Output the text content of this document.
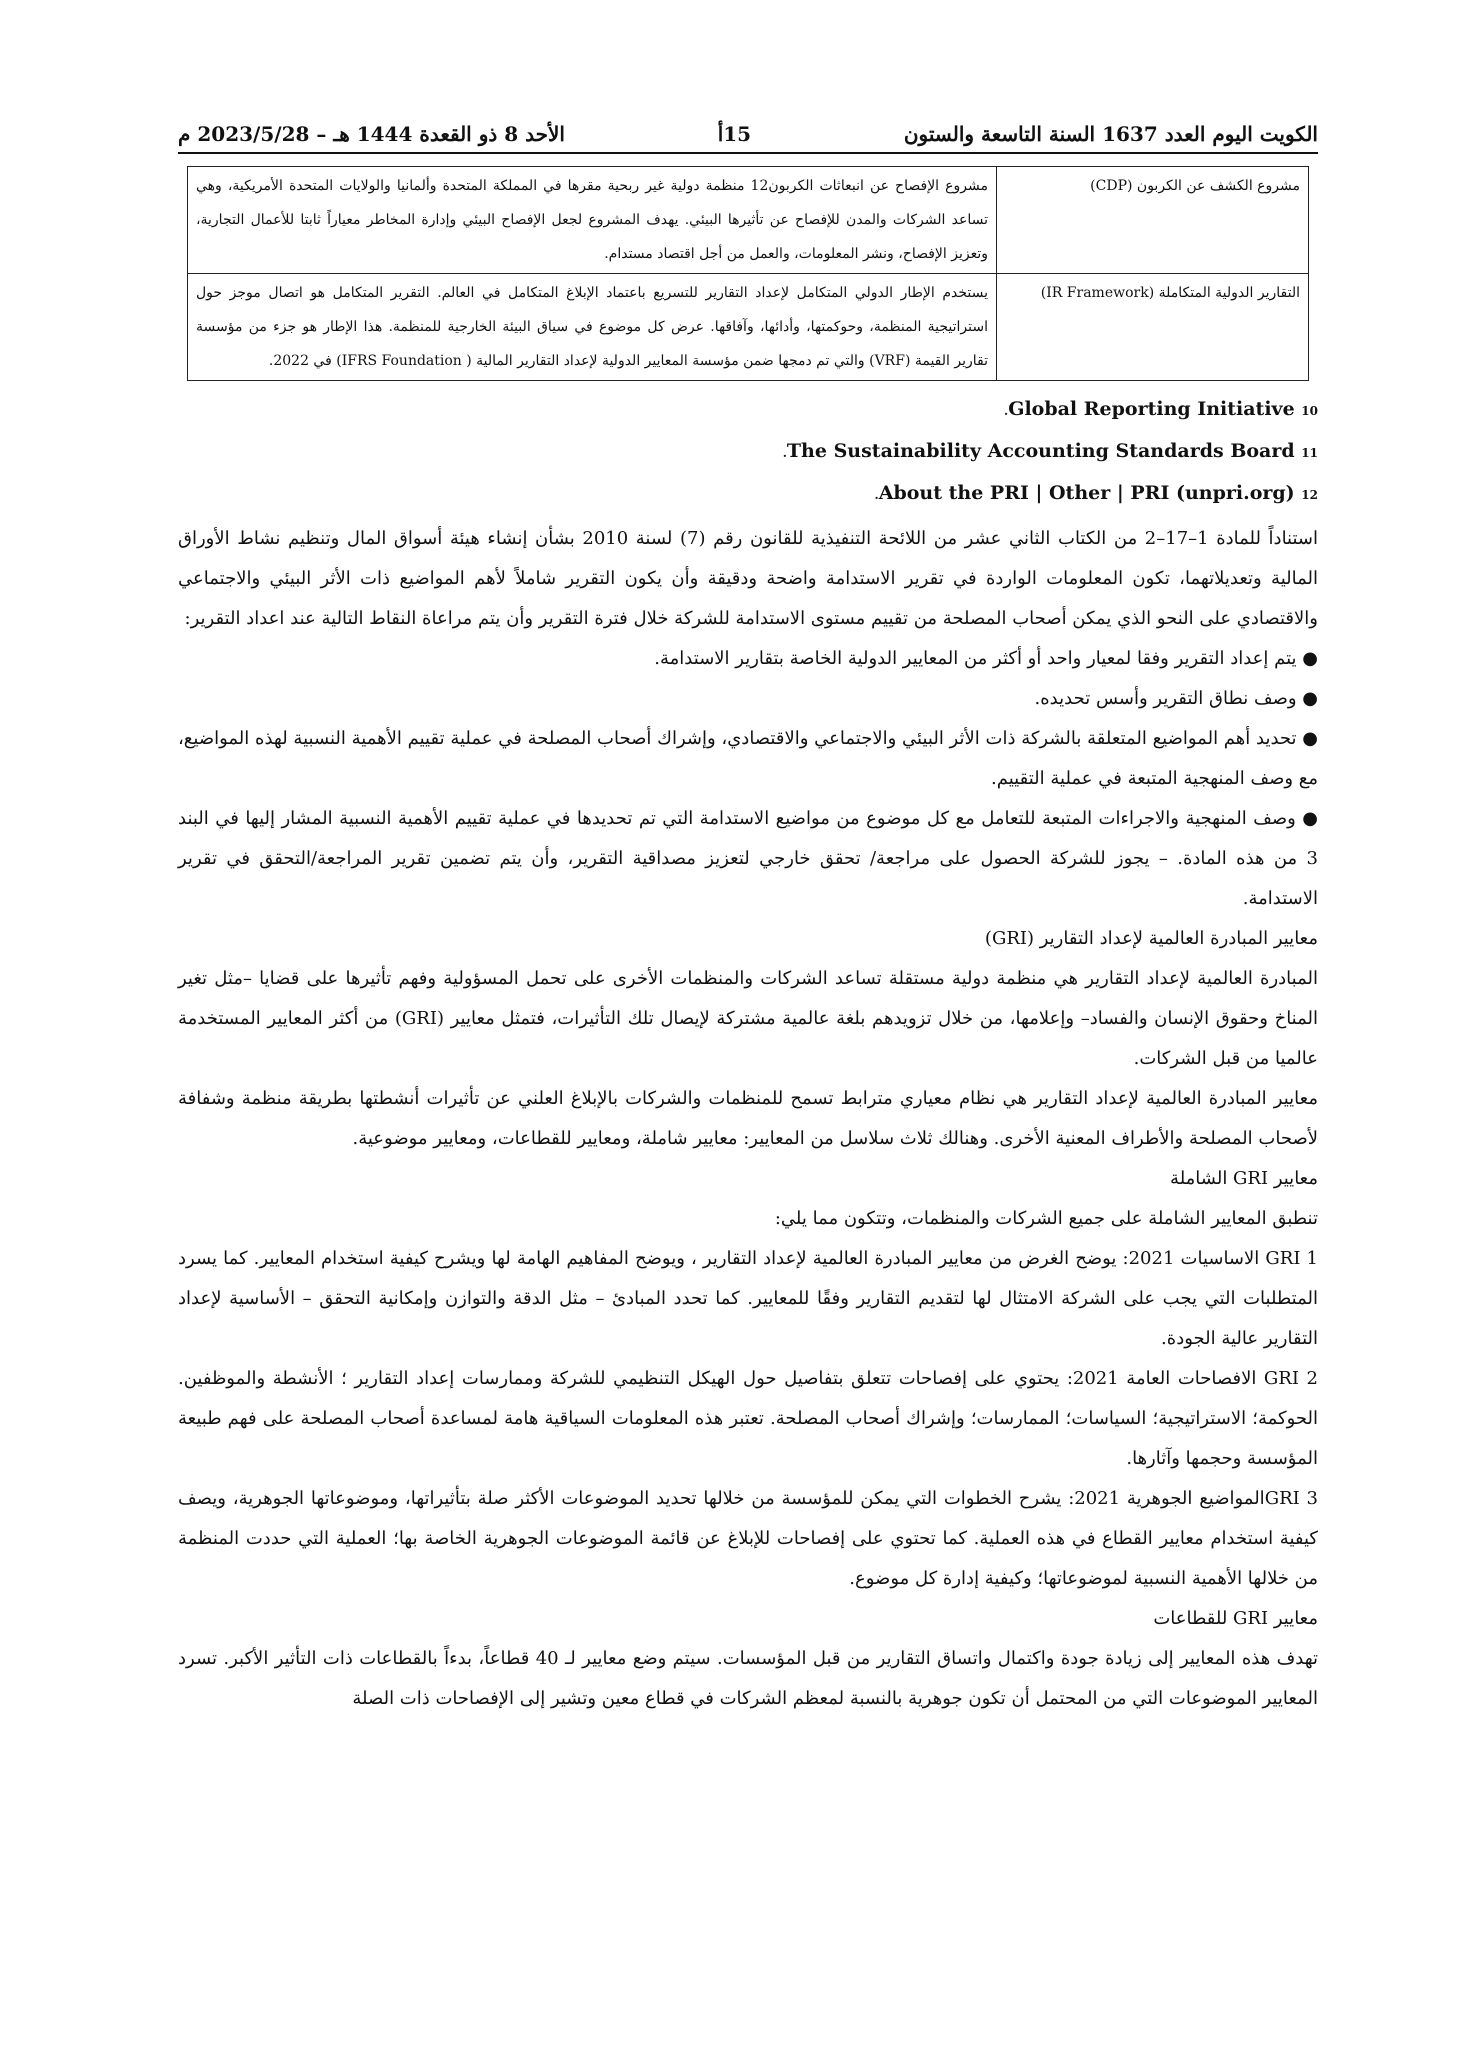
الكويت اليوم العدد 1637 السنة التاسعة والستون
15أ
الأحد 8 ذو القعدة 1444 هـ – 2023/5/28 م
مشروع الكشف عن الكربون (CDP)	مشروع الإفصاح عن انبعاثات الكربون12 منظمة دولية غير ربحية مقرها في المملكة المتحدة وألمانيا والولايات المتحدة الأمريكية، وهي تساعد الشركات والمدن للإفصاح عن تأثيرها البيئي. يهدف المشروع لجعل الإفصاح البيئي وإدارة المخاطر معياراً ثابتا للأعمال التجارية، وتعزيز الإفصاح، ونشر المعلومات، والعمل من أجل اقتصاد مستدام.
التقارير الدولية المتكاملة (IR Framework)	يستخدم الإطار الدولي المتكامل لإعداد التقارير للتسريع باعتماد الإبلاغ المتكامل في العالم. التقرير المتكامل هو اتصال موجز حول استراتيجية المنظمة، وحوكمتها، وأدائها، وآفاقها. عرض كل موضوع في سياق البيئة الخارجية للمنظمة. هذا الإطار هو جزء من مؤسسة تقارير القيمة (VRF) والتي تم دمجها ضمن مؤسسة المعايير الدولية لإعداد التقارير المالية ( IFRS Foundation) في 2022.
Global Reporting Initiative 10.
The Sustainability Accounting Standards Board 11.
About the PRI | Other | PRI (unpri.org) 12.

استناداً للمادة 1–17–2 من الكتاب الثاني عشر من اللائحة التنفيذية للقانون رقم (7) لسنة 2010 بشأن إنشاء هيئة أسواق المال وتنظيم نشاط الأوراق المالية وتعديلاتهما، تكون المعلومات الواردة في تقرير الاستدامة واضحة ودقيقة وأن يكون التقرير شاملاً لأهم المواضيع ذات الأثر البيئي والاجتماعي والاقتصادي على النحو الذي يمكن أصحاب المصلحة من تقييم مستوى الاستدامة للشركة خلال فترة التقرير وأن يتم مراعاة النقاط التالية عند اعداد التقرير:

● يتم إعداد التقرير وفقا لمعيار واحد أو أكثر من المعايير الدولية الخاصة بتقارير الاستدامة.

● وصف نطاق التقرير وأسس تحديده.

● تحديد أهم المواضيع المتعلقة بالشركة ذات الأثر البيئي والاجتماعي والاقتصادي، وإشراك أصحاب المصلحة في عملية تقييم الأهمية النسبية لهذه المواضيع، مع وصف المنهجية المتبعة في عملية التقييم.

● وصف المنهجية والاجراءات المتبعة للتعامل مع كل موضوع من مواضيع الاستدامة التي تم تحديدها في عملية تقييم الأهمية النسبية المشار إليها في البند 3 من هذه المادة. – يجوز للشركة الحصول على مراجعة/ تحقق خارجي لتعزيز مصداقية التقرير، وأن يتم تضمين تقرير المراجعة/التحقق في تقرير الاستدامة.

معايير المبادرة العالمية لإعداد التقارير (GRI)

المبادرة العالمية لإعداد التقارير هي منظمة دولية مستقلة تساعد الشركات والمنظمات الأخرى على تحمل المسؤولية وفهم تأثيرها على قضايا –مثل تغير المناخ وحقوق الإنسان والفساد– وإعلامها، من خلال تزويدهم بلغة عالمية مشتركة لإيصال تلك التأثيرات، فتمثل معايير (GRI) من أكثر المعايير المستخدمة عالميا من قبل الشركات.

معايير المبادرة العالمية لإعداد التقارير هي نظام معياري مترابط تسمح للمنظمات والشركات بالإبلاغ العلني عن تأثيرات أنشطتها بطريقة منظمة وشفافة لأصحاب المصلحة والأطراف المعنية الأخرى. وهنالك ثلاث سلاسل من المعايير: معايير شاملة، ومعايير للقطاعات، ومعايير موضوعية.

معايير GRI الشاملة

تنطبق المعايير الشاملة على جميع الشركات والمنظمات، وتتكون مما يلي:

GRI 1 الاساسيات 2021: يوضح الغرض من معايير المبادرة العالمية لإعداد التقارير ، ويوضح المفاهيم الهامة لها ويشرح كيفية استخدام المعايير. كما يسرد المتطلبات التي يجب على الشركة الامتثال لها لتقديم التقارير وفقًا للمعايير. كما تحدد المبادئ – مثل الدقة والتوازن وإمكانية التحقق – الأساسية لإعداد التقارير عالية الجودة.

GRI 2 الافصاحات العامة 2021: يحتوي على إفصاحات تتعلق بتفاصيل حول الهيكل التنظيمي للشركة وممارسات إعداد التقارير ؛ الأنشطة والموظفين. الحوكمة؛ الاستراتيجية؛ السياسات؛ الممارسات؛ وإشراك أصحاب المصلحة. تعتبر هذه المعلومات السياقية هامة لمساعدة أصحاب المصلحة على فهم طبيعة المؤسسة وحجمها وآثارها.

GRI 3المواضيع الجوهرية 2021: يشرح الخطوات التي يمكن للمؤسسة من خلالها تحديد الموضوعات الأكثر صلة بتأثيراتها، وموضوعاتها الجوهرية، ويصف كيفية استخدام معايير القطاع في هذه العملية. كما تحتوي على إفصاحات للإبلاغ عن قائمة الموضوعات الجوهرية الخاصة بها؛ العملية التي حددت المنظمة من خلالها الأهمية النسبية لموضوعاتها؛ وكيفية إدارة كل موضوع.

معايير GRI للقطاعات

تهدف هذه المعايير إلى زيادة جودة واكتمال واتساق التقارير من قبل المؤسسات. سيتم وضع معايير لـ 40 قطاعاً، بدءاً بالقطاعات ذات التأثير الأكبر. تسرد المعايير الموضوعات التي من المحتمل أن تكون جوهرية بالنسبة لمعظم الشركات في قطاع معين وتشير إلى الإفصاحات ذات الصلة
